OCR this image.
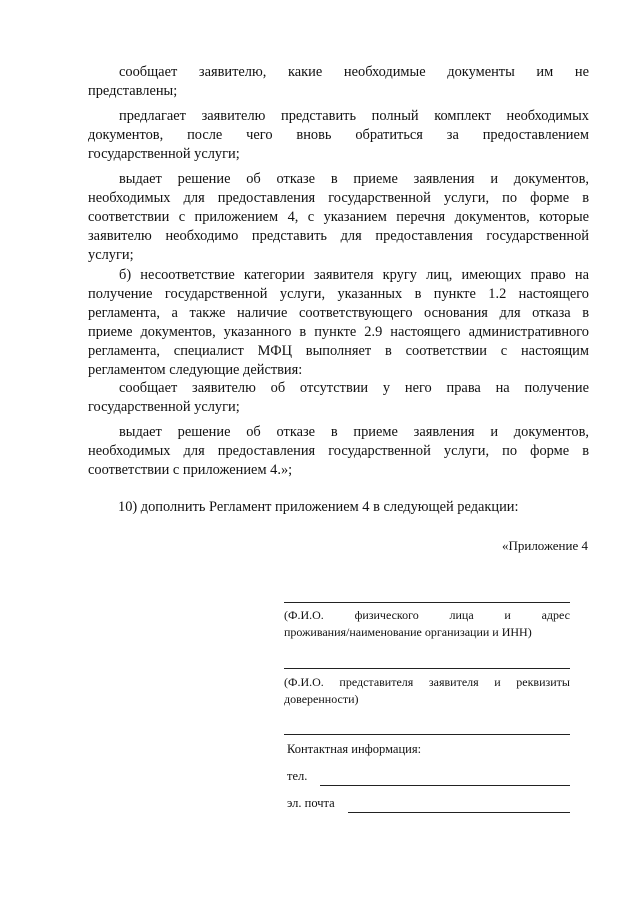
сообщает заявителю, какие необходимые документы им не
представлены;
предлагает заявителю представить полный комплект необходимых
документов, после чего вновь обратиться за предоставлением
государственной услуги;
выдает решение об отказе в приеме заявления и документов,
необходимых для предоставления государственной услуги, по форме в
соответствии с приложением 4, с указанием перечня документов, которые
заявителю необходимо представить для предоставления государственной
услуги;
б) несоответствие категории заявителя кругу лиц, имеющих право на
получение государственной услуги, указанных в пункте 1.2 настоящего
регламента, а также наличие соответствующего основания для отказа в
приеме документов, указанного в пункте 2.9 настоящего административного
регламента, специалист МФЦ выполняет в соответствии с настоящим
регламентом следующие действия:
сообщает заявителю об отсутствии у него права на получение
государственной услуги;
выдает решение об отказе в приеме заявления и документов,
необходимых для предоставления государственной услуги, по форме в
соответствии с приложением 4.»;
10) дополнить Регламент приложением 4 в следующей редакции:
«Приложение 4
(Ф.И.О. физического лица и адрес
проживания/наименование организации и ИНН)
(Ф.И.О. представителя заявителя и реквизиты
доверенности)
Контактная информация:
тел.
эл. почта
